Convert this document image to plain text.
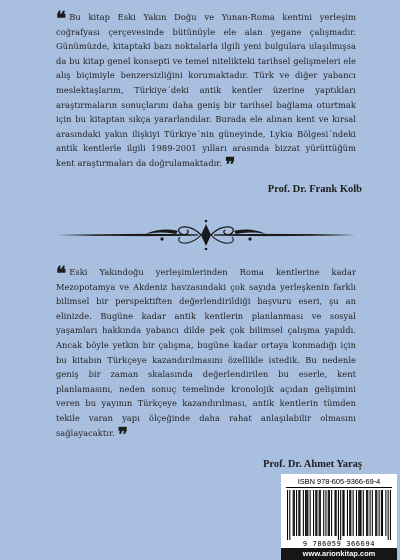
❝ Bu kitap Eski Yakın Doğu ve Yunan-Roma kentini yerleşim coğrafyası çerçevesinde bütünüyle ele alan yegane çalışmadır. Günümüzde, kitaptaki bazı noktalarla ilgili yeni bulgulara ulaşılmışsa da bu kitap genel konsepti ve temel nitelikteki tarihsel gelişmeleri ele alış biçimiyle benzersizliğini korumaktadır. Türk ve diğer yabancı meslektaşlarım, Türkiye´deki antik kentler üzerine yaptıkları araştırmaların sonuçlarını daha geniş bir tarihsel bağlama oturtmak için bu kitaptan sıkça yararlandılar. Burada ele alınan kent ve kırsal arasındaki yakın ilişkiyi Türkiye´nin güneyinde, Lykia Bölgesi´ndeki antik kentlerle ilgili 1989-2001 yılları arasında bizzat yürüttüğüm kent araştırmaları da doğrulamaktadır. ❞

Prof. Dr. Frank Kolb

❝ Eski Yakındoğu yerleşimlerinden Roma kentlerine kadar Mezopotamya ve Akdeniz havzasındaki çok sayıda yerleşkenin farklı bilimsel bir perspektiften değerlendirildiği başvuru eseri, şu an elinizde. Bugüne kadar antik kentlerin planlanması ve sosyal yaşamları hakkında yabancı dilde pek çok bilimsel çalışma yapıldı. Ancak böyle yetkin bir çalışma, bugüne kadar ortaya konmadığı için bu kitabın Türkçeye kazandırılmasını özellikle istedik. Bu nedenle geniş bir zaman skalasında değerlendirilen bu eserle, kent planlamasını, neden sonuç temelinde kronolojik açıdan gelişimini veren bu yayının Türkçeye kazandırılması, antik kentlerin tümden tekile varan yapı ölçeğinde daha rahat anlaşılabilir olmasını sağlayacaktır. ❞

Prof. Dr. Ahmet Yaraş
ISBN 978-605-9366-69-4
9 786059 366694
www.arionkitap.com
